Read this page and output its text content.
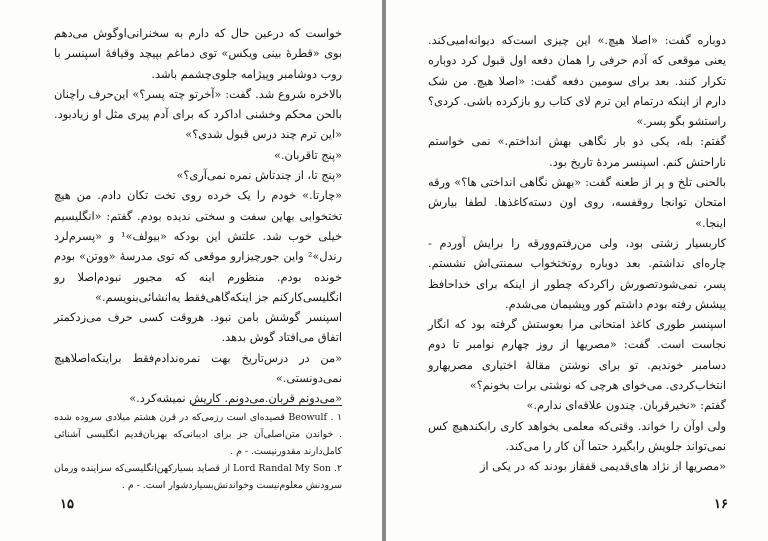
خواست که درعین حال که دارم به سخنرانی‌اوگوش می‌دهم بوی «قطرهٔ بینی ویکس» توی دماغم بپیچد وقیافهٔ اسپنسر با روب دوشامبر وپیژامه جلوی‌چشمم باشد.

بالاخره شروع شد. گفت: «آخرتو چته پسر؟» این‌حرف راچنان بالحن محکم وخشنی اداکرد که برای آدم پیری مثل او زیادبود. «این ترم چند درس قبول شدی؟»

«پنج تاقربان.»

«پنج تا، از چندتاش نمره نمی‌آری؟»

«چارتا.» خودم را یک خرده روی تخت تکان دادم. من هیچ تختخوابی بهاین سفت و سختی ندیده بودم. گفتم: «انگلیسیم خیلی خوب شد. علتش این بودکه «بیولف»¹ و «پسرم‌لرد رندل»² واین جورچیزارو موقعی که توی مدرسهٔ «ووتن» بودم خونده بودم. منظورم اینه که مجبور نبودم‌اصلا رو انگلیسی‌کارکنم جز اینکه‌گاهی‌فقط یه‌انشائی‌بنویسم.»

اسپنسر گوشش بامن نبود. هروقت کسی حرف می‌زدکمتر اتفاق می‌افتاد گوش بدهد.

«من در درس‌تاریخ بهت نمره‌ندادم‌فقط براینکه‌اصلاهیچ نمی‌دونستی.»

«می‌دونم قربان.می‌دونم. کاریش نمیشه‌کرد.»

۱ . Beowulf قصیده‌ای است رزمی‌که در قرن هشتم میلادی سروده شده . خواندن متن‌اصلی‌آن جز برای ادیبانی‌که بهزبان‌قدیم انگلیسی آشنائی کامل‌دارند مقدورنیست. - م .

۲. Lord Randal My Son از قصاید بسیارکهن‌انگلیسی‌که سراینده ورمان سرودنش معلوم‌نیست وخواندنش‌بسیاردشوار است. - م .

۱۵

دوباره گفت: «اصلا هیچ.» این چیزی است‌که دیوانه‌امیی‌کند. یعنی موقعی که آدم حرفی را همان دفعه اول قبول کرد دوباره تکرار کنند. بعد برای سومین دفعه گفت: «اصلا هیچ. من شک دارم از اینکه درتمام این ترم لای کتاب رو بازکرده باشی. کردی؟ راستشو بگو پسر.»

گفتم: بله، یکی دو بار نگاهی بهش انداختم.» نمی خواستم ناراحتش کنم. اسپنسر مردهٔ تاریخ بود.

بالحنی تلخ و پر از طعنه گفت: «بهش نگاهی انداختی ها؟» ورقه امتحان توانجا روقفسه، روی اون دسته‌کاغذها. لطفا بیارش اینجا.»

کاربسیار زشتی بود، ولی من‌رفتم‌وورقه را برایش آوردم - چاره‌ای نداشتم. بعد دوباره روتختخواب سمنتی‌اش نشستم. پسر، نمی‌شود‌تصورش راکردکه چطور از اینکه برای خداحافظ پیشش رفته بودم داشتم کور وپشیمان می‌شدم.

اسپنسر طوری کاغذ امتحانی مرا بعوستش گرفته بود که انگار نجاست است. گفت: «مصریها از روز چهارم نوامبر تا دوم دسامبر خوندیم. تو برای نوشتن مقالهٔ اختیاری مصریهارو انتخاب‌کردی. می‌خوای هرچی که نوشتی برات بخونم؟»

گفتم: «نخیرقربان. چندون علاقه‌ای ندارم.»

ولی اوآن را خواند. وقتی‌که معلمی بخواهد کاری رابکند‌هیچ کس نمی‌تواند جلویش رابگیرد حتما آن کار را می‌کند.

«مصریها از نژاد های‌قدیمی قفقاز بودند که در یکی از

۱۶
